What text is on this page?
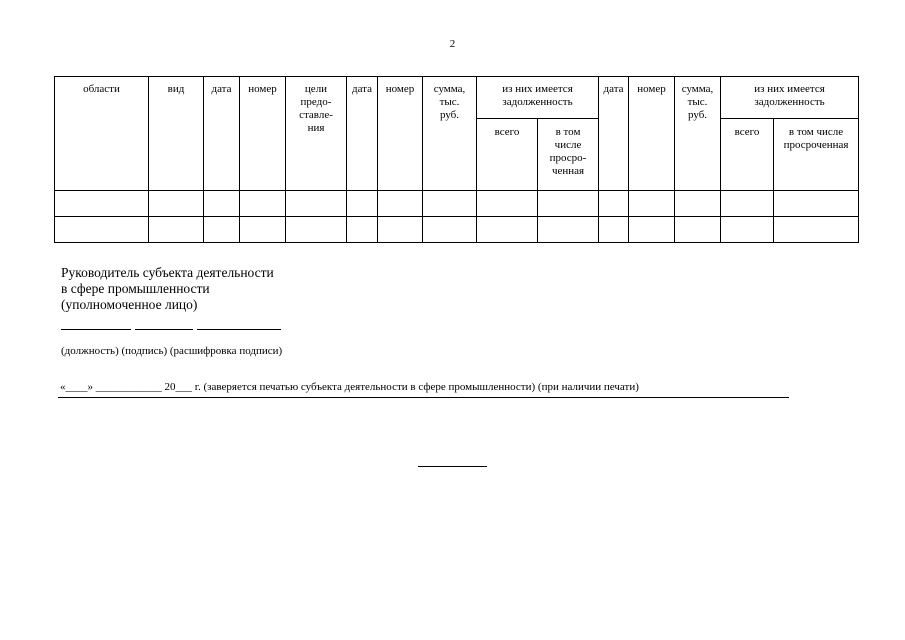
2
области	вид	дата	номер	цели предо-ставле-ния	дата	номер	сумма, тыс. руб.	из них имеется задолженность		дата	номер	сумма, тыс. руб.	из них имеется задолженность	
								всего	в том числе просро-ченная				всего	в том числе просроченная

Руководитель субъекта деятельности
в сфере промышленности
(уполномоченное лицо)
(должность) (подпись) (расшифровка подписи)
«____» ____________ 20___ г. (заверяется печатью субъекта деятельности в сфере промышленности) (при наличии печати)
